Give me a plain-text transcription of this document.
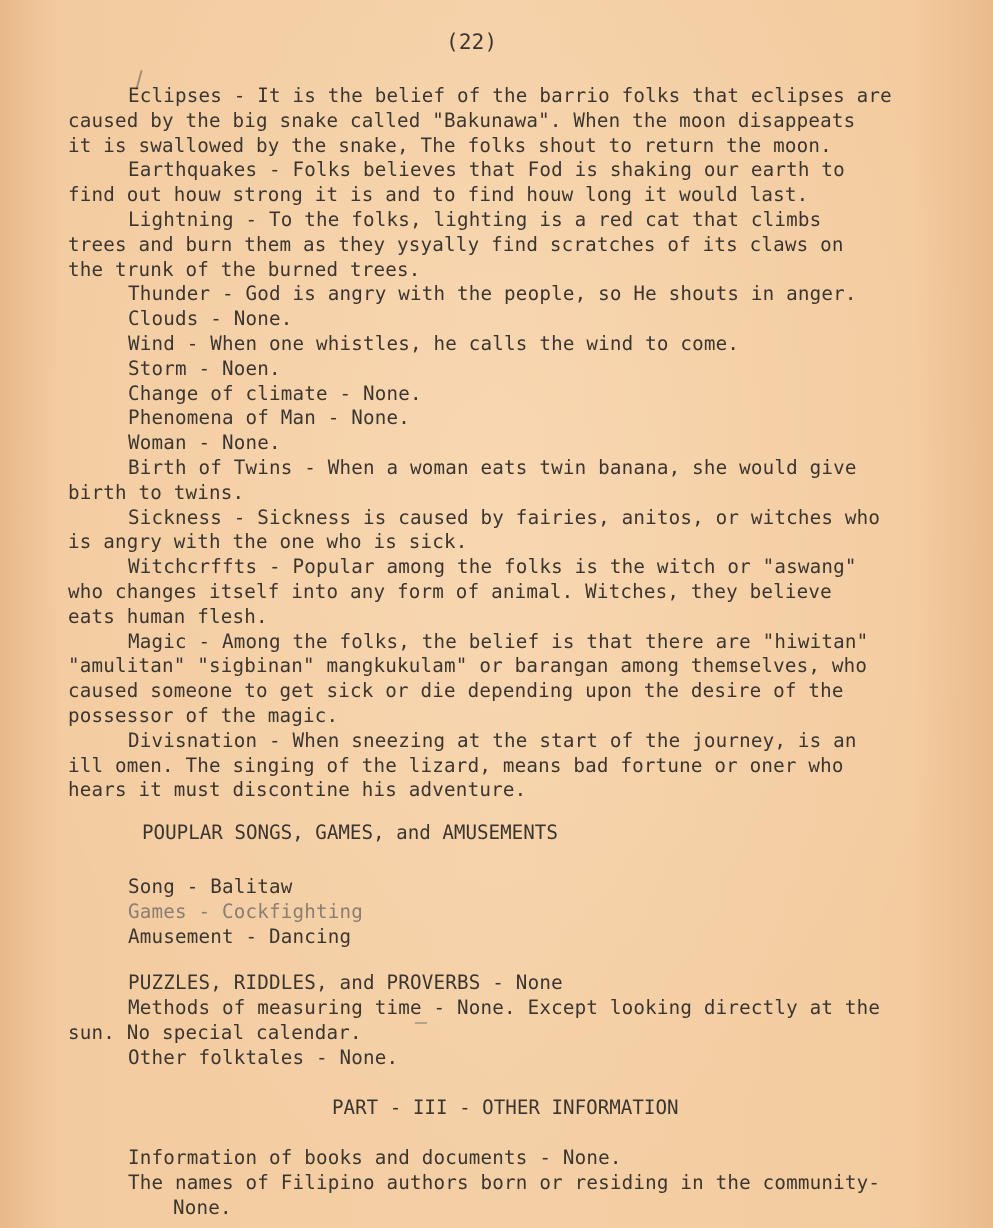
(22)
Eclipses - It is the belief of the barrio folks that eclipses are
caused by the big snake called "Bakunawa". When the moon disappeats
it is swallowed by the snake, The folks shout to return the moon.
Earthquakes - Folks believes that Fod is shaking our earth to
find out houw strong it is and to find houw long it would last.
Lightning - To the folks, lighting is a red cat that climbs
trees and burn them as they ysyally find scratches of its claws on
the trunk of the burned trees.
Thunder - God is angry with the people, so He shouts in anger.
Clouds - None.
Wind - When one whistles, he calls the wind to come.
Storm - Noen.
Change of climate - None.
Phenomena of Man - None.
Woman - None.
Birth of Twins - When a woman eats twin banana, she would give
birth to twins.
Sickness - Sickness is caused by fairies, anitos, or witches who
is angry with the one who is sick.
Witchcrffts - Popular among the folks is the witch or "aswang"
who changes itself into any form of animal. Witches, they believe
eats human flesh.
Magic - Among the folks, the belief is that there are "hiwitan"
"amulitan" "sigbinan" mangkukulam" or barangan among themselves, who
caused someone to get sick or die depending upon the desire of the
possessor of the magic.
Divisnation - When sneezing at the start of the journey, is an
ill omen. The singing of the lizard, means bad fortune or oner who
hears it must discontine his adventure.
POUPLAR SONGS, GAMES, and AMUSEMENTS
Song - Balitaw
Games - Cockfighting
Amusement - Dancing
PUZZLES, RIDDLES, and PROVERBS - None
Methods of measuring time - None. Except looking directly at the
sun. No special calendar.
Other folktales - None.
PART - III - OTHER INFORMATION
Information of books and documents - None.
The names of Filipino authors born or residing in the community-
None.
